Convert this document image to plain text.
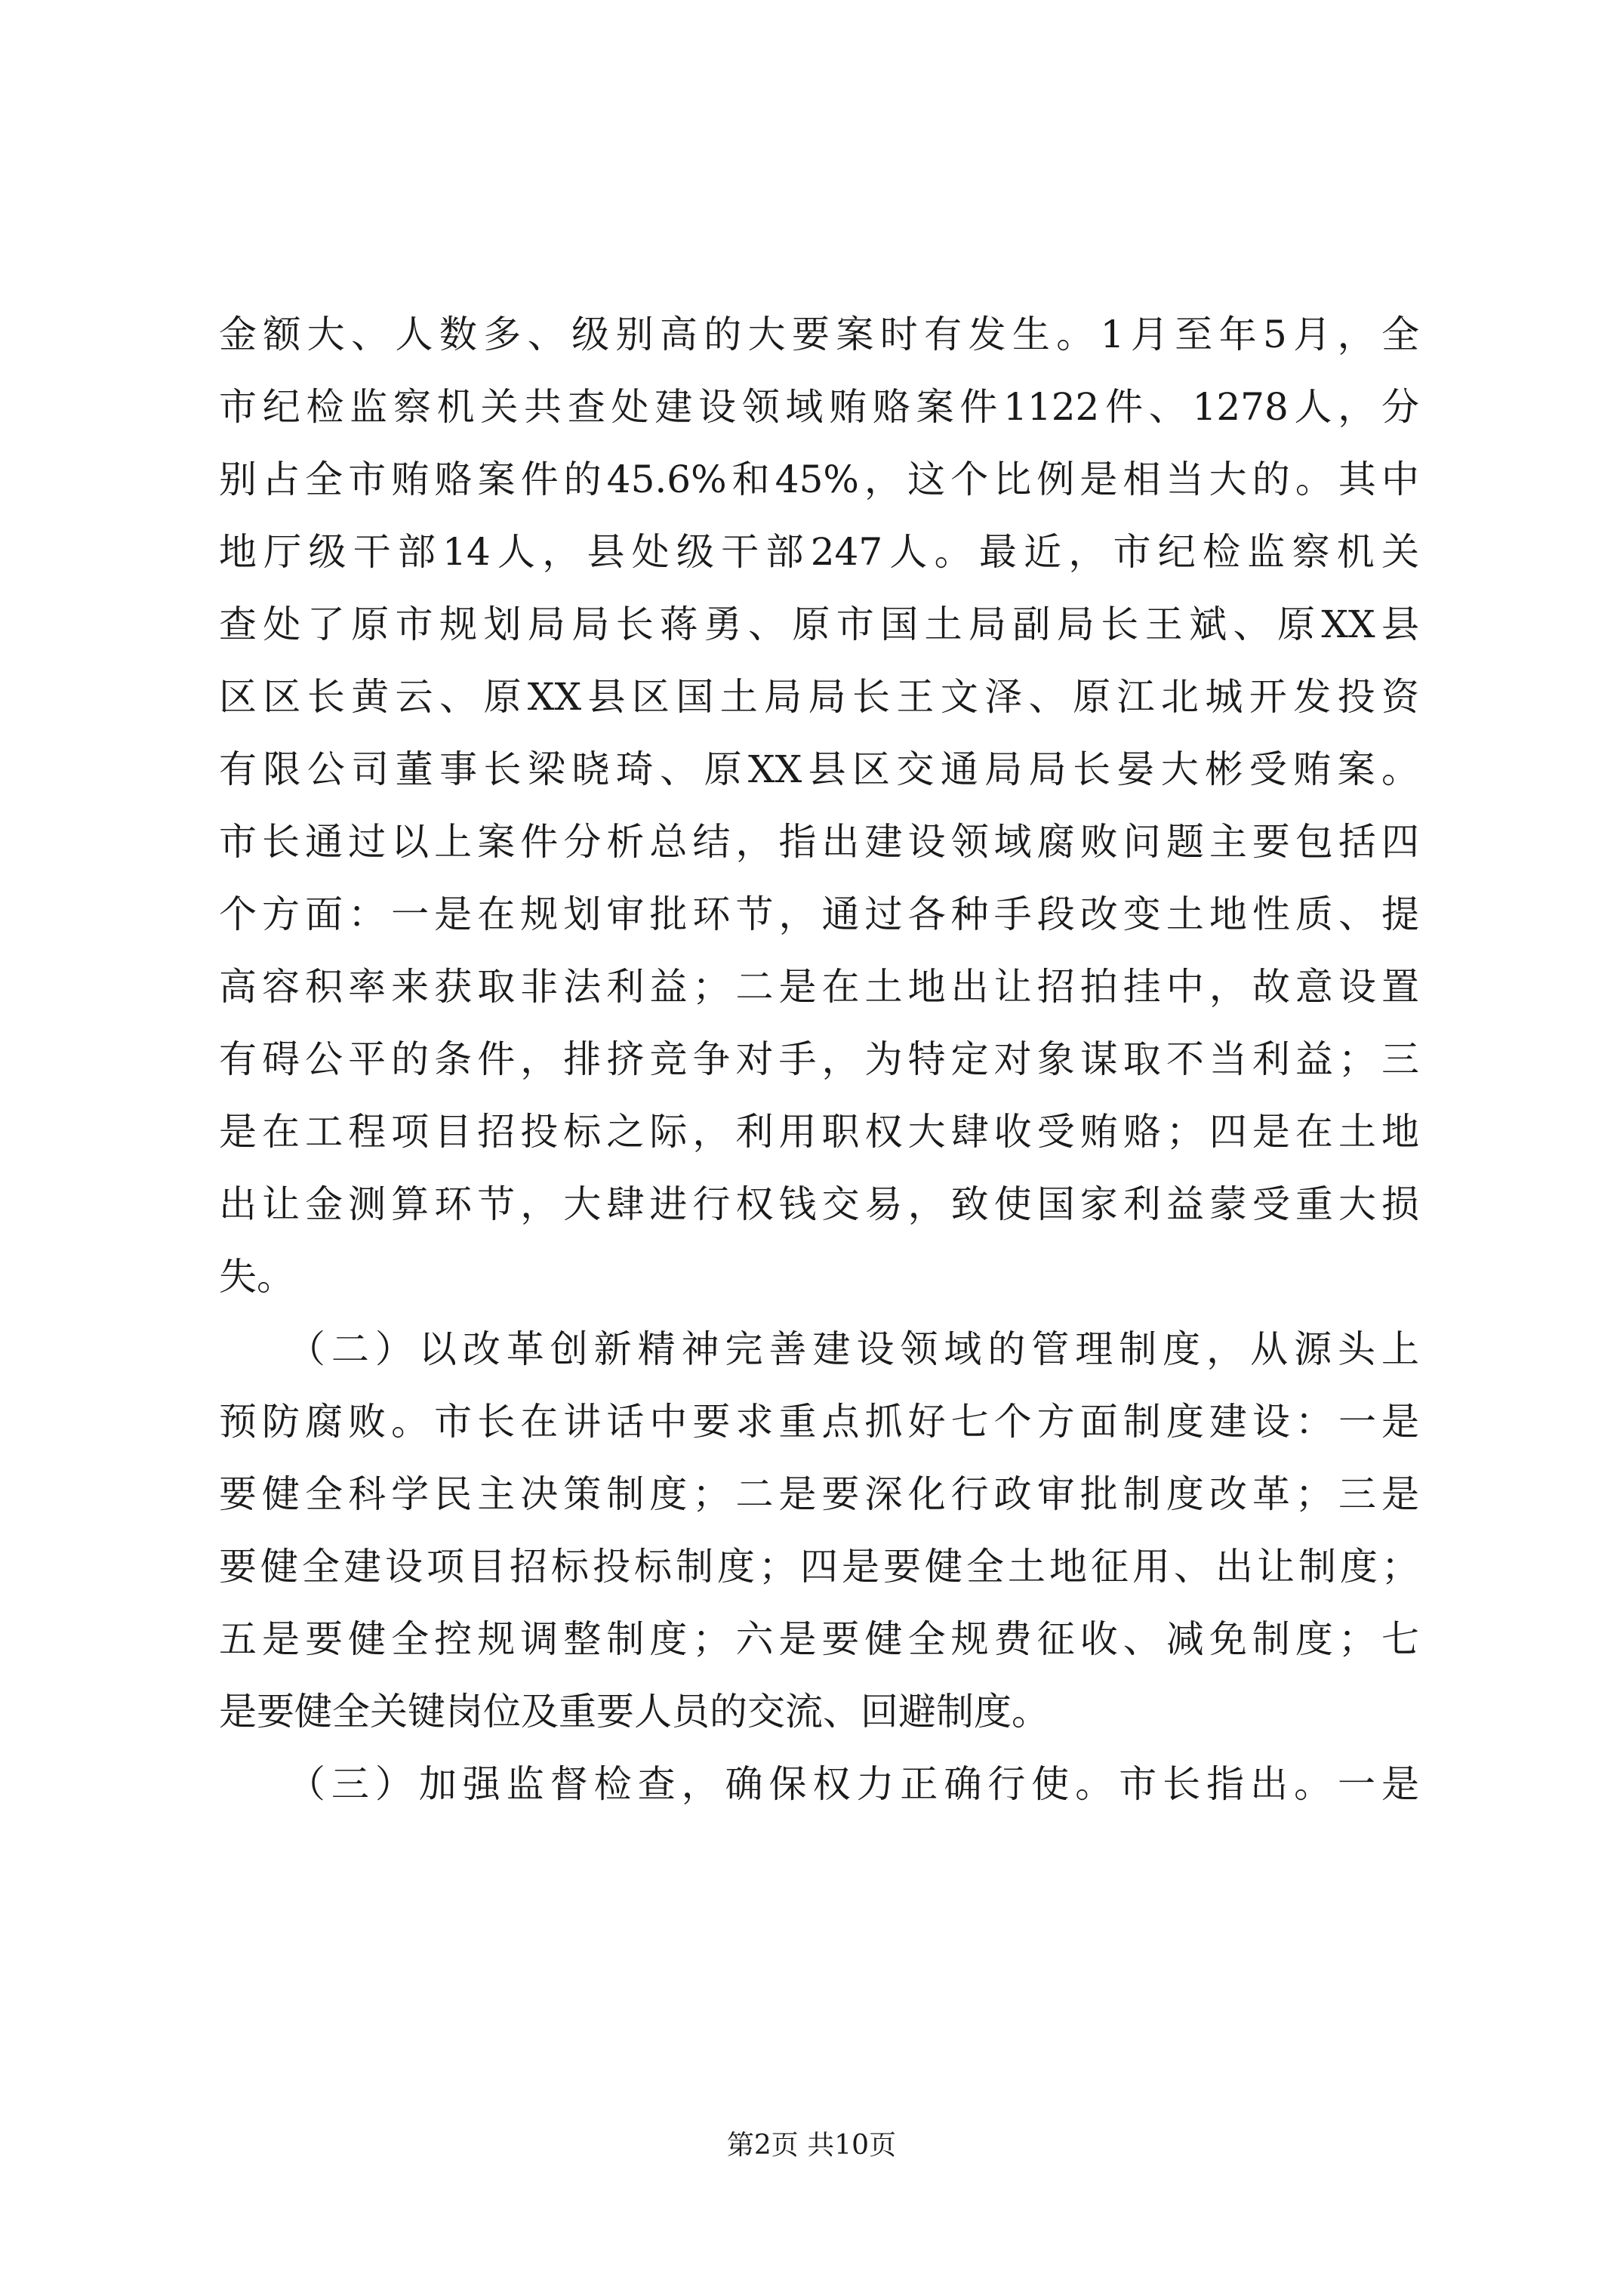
金额大、人数多、级别高的大要案时有发生。1月至年5月，全
市纪检监察机关共查处建设领域贿赂案件1122件、1278人，分
别占全市贿赂案件的45.6%和45%，这个比例是相当大的。其中
地厅级干部14人，县处级干部247人。最近，市纪检监察机关
查处了原市规划局局长蒋勇、原市国土局副局长王斌、原XX县
区区长黄云、原XX县区国土局局长王文泽、原江北城开发投资
有限公司董事长梁晓琦、原XX县区交通局局长晏大彬受贿案。
市长通过以上案件分析总结，指出建设领域腐败问题主要包括四
个方面：一是在规划审批环节，通过各种手段改变土地性质、提
高容积率来获取非法利益；二是在土地出让招拍挂中，故意设置
有碍公平的条件，排挤竞争对手，为特定对象谋取不当利益；三
是在工程项目招投标之际，利用职权大肆收受贿赂；四是在土地
出让金测算环节，大肆进行权钱交易，致使国家利益蒙受重大损
失。
　　（二）以改革创新精神完善建设领域的管理制度，从源头上
预防腐败。市长在讲话中要求重点抓好七个方面制度建设：一是
要健全科学民主决策制度；二是要深化行政审批制度改革；三是
要健全建设项目招标投标制度；四是要健全土地征用、出让制度；
五是要健全控规调整制度；六是要健全规费征收、减免制度；七
是要健全关键岗位及重要人员的交流、回避制度。
　　（三）加强监督检查，确保权力正确行使。市长指出。一是
第2页 共10页
